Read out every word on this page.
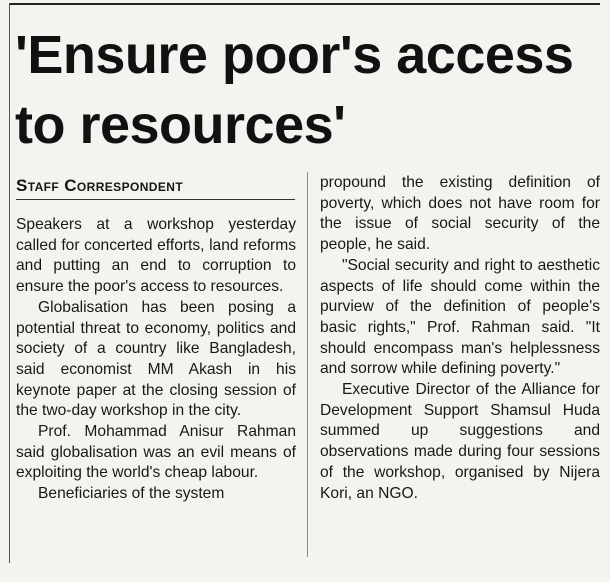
'Ensure poor's access
to resources'
Staff Correspondent

Speakers at a workshop yesterday called for concerted efforts, land reforms and putting an end to corruption to ensure the poor's access to resources.

Globalisation has been posing a potential threat to economy, politics and society of a country like Bangladesh, said economist MM Akash in his keynote paper at the closing session of the two-day workshop in the city.

Prof. Mohammad Anisur Rahman said globalisation was an evil means of exploiting the world's cheap labour.

Beneficiaries of the system

propound the existing definition of poverty, which does not have room for the issue of social security of the people, he said.

"Social security and right to aesthetic aspects of life should come within the purview of the definition of people's basic rights," Prof. Rahman said. "It should encompass man's helplessness and sorrow while defining poverty."

Executive Director of the Alliance for Development Support Shamsul Huda summed up suggestions and observations made during four sessions of the workshop, organised by Nijera Kori, an NGO.
